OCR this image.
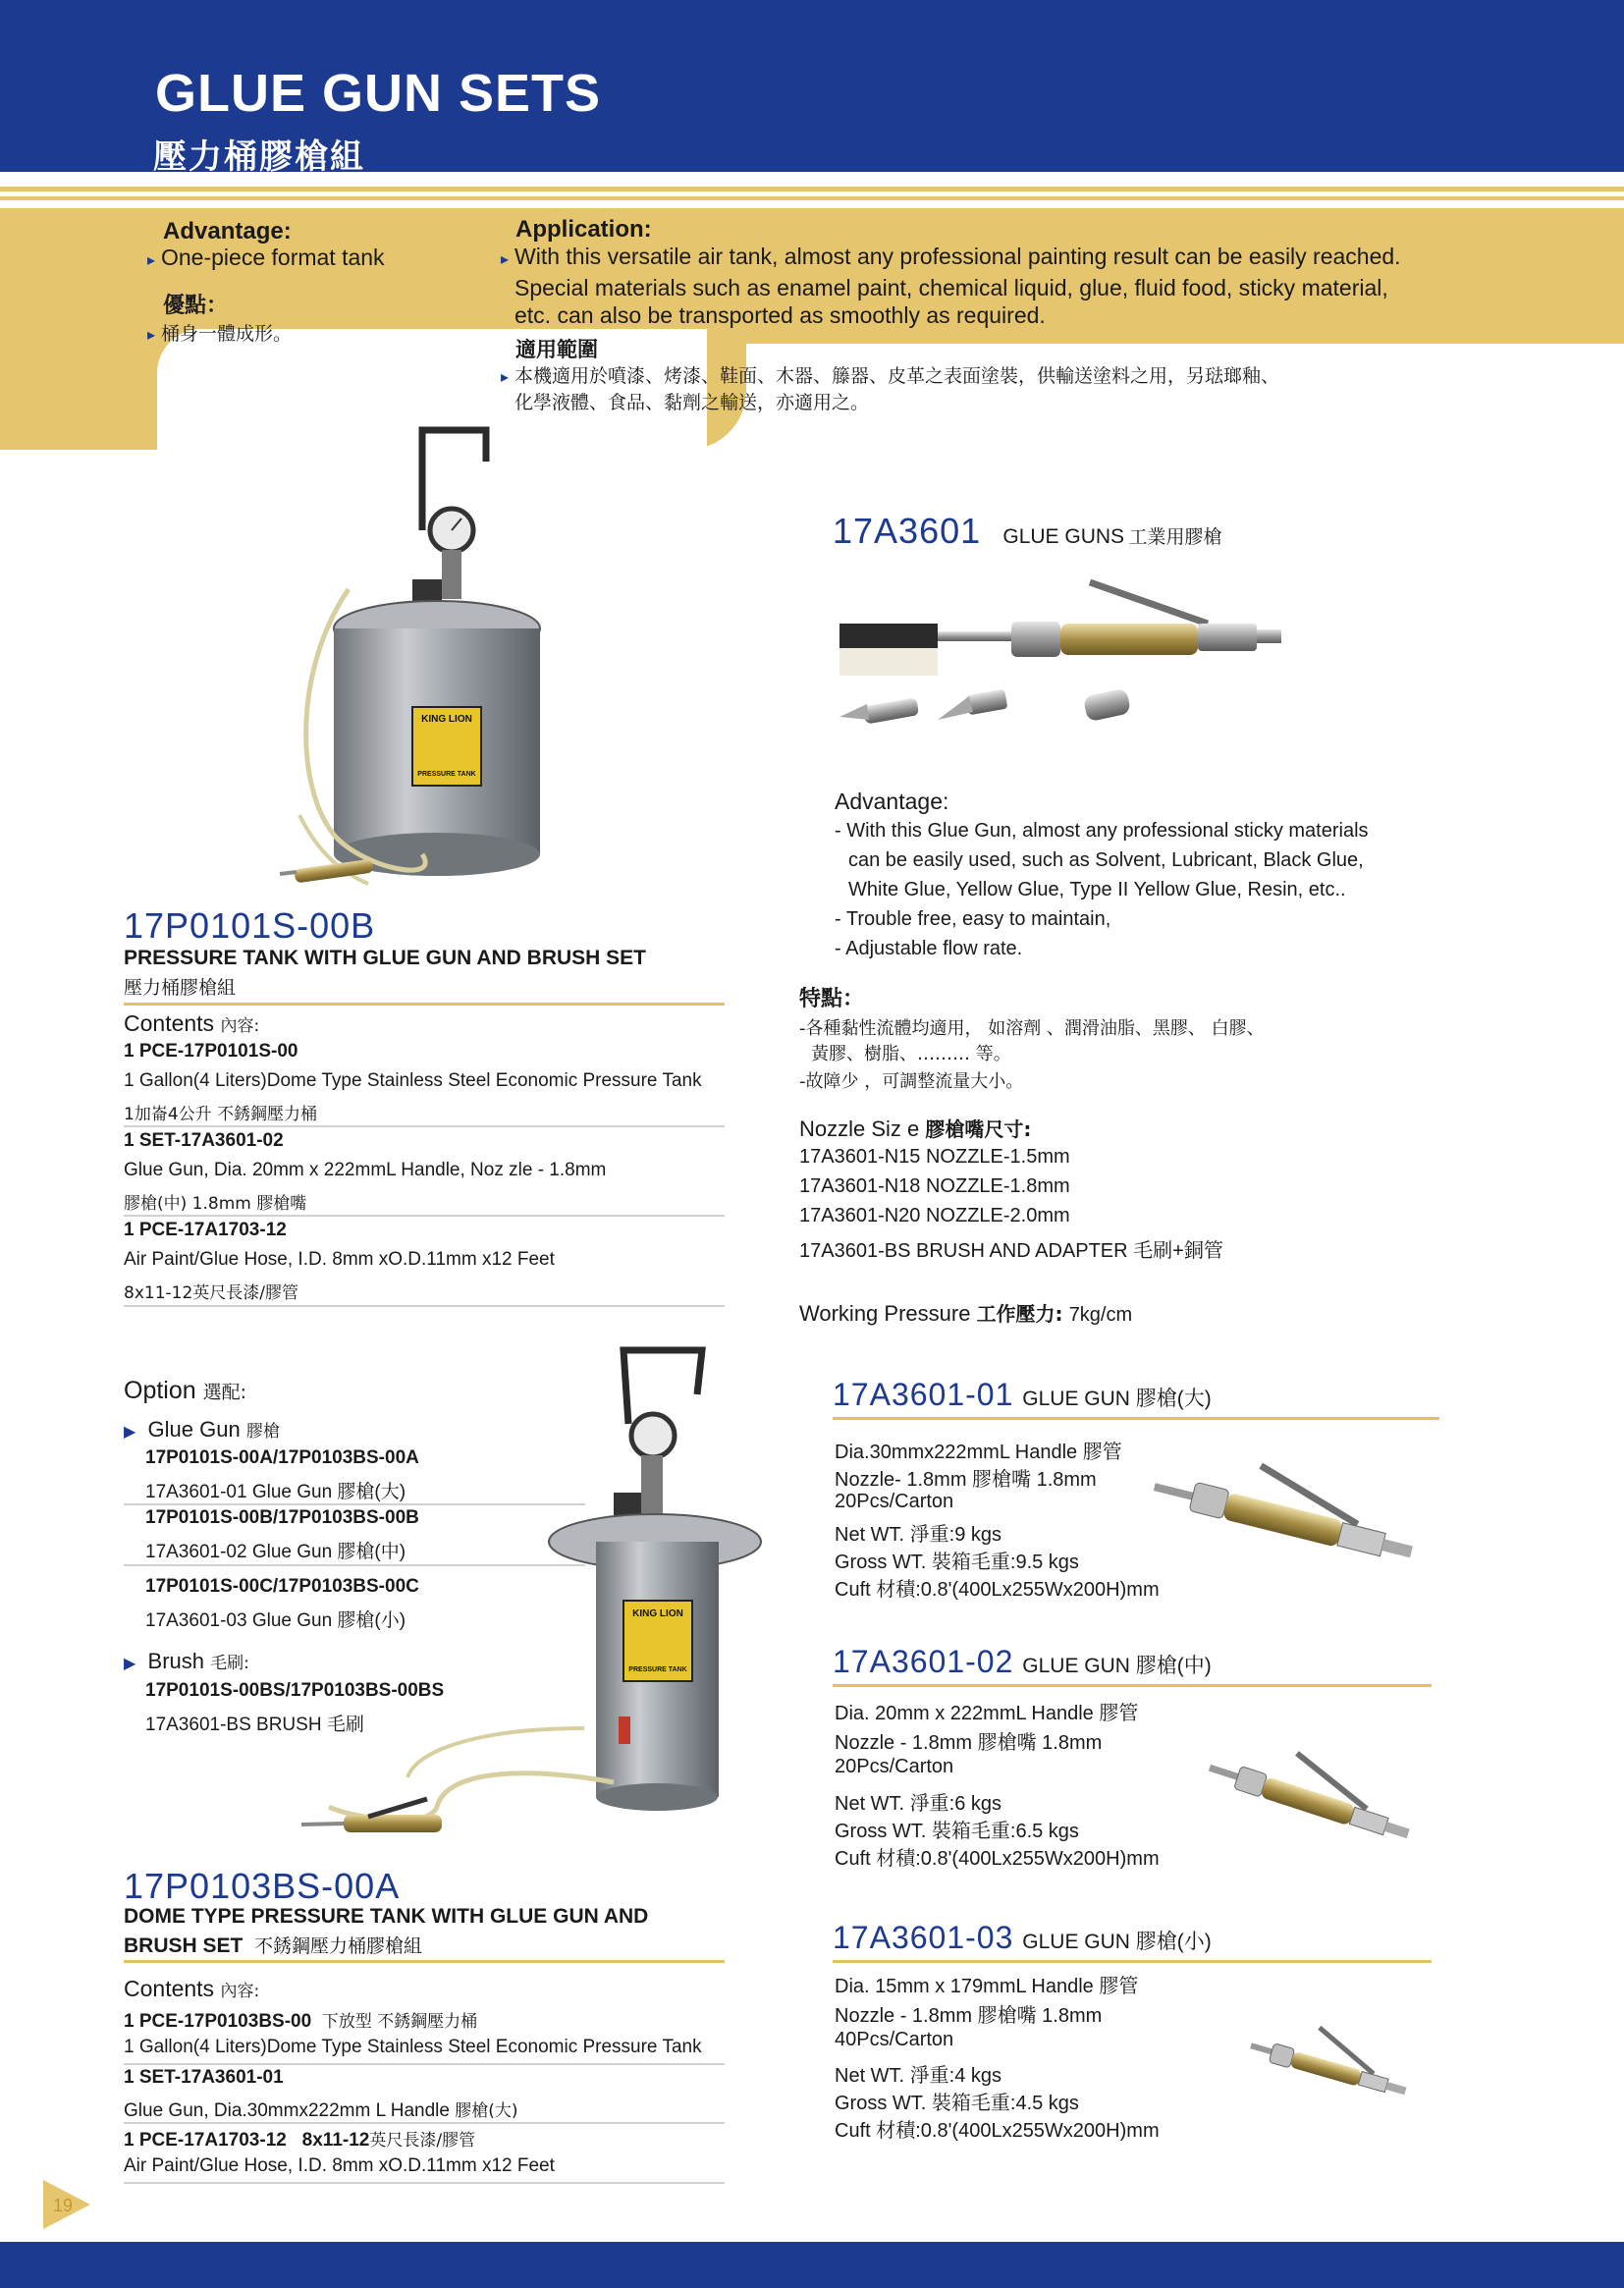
GLUE GUN SETS
壓力桶膠槍組
Advantage:
▸ One-piece format tank
優點：
▸ 桶身一體成形。
Application:
▸ With this versatile air tank, almost any professional painting result can be easily reached.

Special materials such as enamel paint, chemical liquid, glue, fluid food, sticky material,
etc. can also be transported as smoothly as required.
適用範圍
▸ 本機適用於噴漆、烤漆、鞋面、木器、籐器、皮革之表面塗裝，供輸送塗料之用，另琺瑯釉、

化學液體、食品、黏劑之輸送，亦適用之。
KING LION
PRESSURE TANK
17P0101S-00B
PRESSURE TANK WITH GLUE GUN AND BRUSH SET
壓力桶膠槍組
Contents 內容:
1 PCE-17P0101S-00
1 Gallon(4 Liters)Dome Type Stainless Steel Economic Pressure Tank
1加崙4公升 不銹鋼壓力桶
1 SET-17A3601-02
Glue Gun, Dia. 20mm x 222mmL Handle, Noz zle - 1.8mm
膠槍(中) 1.8mm 膠槍嘴
1 PCE-17A1703-12
Air Paint/Glue Hose, I.D. 8mm xO.D.11mm x12 Feet
8x11-12英尺長漆/膠管
Option 選配:
▶ Glue Gun 膠槍
17P0101S-00A/17P0103BS-00A
17A3601-01 Glue Gun 膠槍(大)
17P0101S-00B/17P0103BS-00B
17A3601-02 Glue Gun 膠槍(中)
17P0101S-00C/17P0103BS-00C
17A3601-03 Glue Gun 膠槍(小)
▶ Brush 毛刷:
17P0101S-00BS/17P0103BS-00BS
17A3601-BS BRUSH 毛刷
KING LION
PRESSURE TANK
17P0103BS-00A
DOME TYPE PRESSURE TANK WITH GLUE GUN AND
BRUSH SET 不銹鋼壓力桶膠槍組
Contents 內容:
1 PCE-17P0103BS-00 下放型 不銹鋼壓力桶
1 Gallon(4 Liters)Dome Type Stainless Steel Economic Pressure Tank
1 SET-17A3601-01
Glue Gun, Dia.30mmx222mm L Handle 膠槍(大)
1 PCE-17A1703-12 8x11-12英尺長漆/膠管
Air Paint/Glue Hose, I.D. 8mm xO.D.11mm x12 Feet
17A3601 GLUE GUNS 工業用膠槍
Advantage:
- With this Glue Gun, almost any professional sticky materials
can be easily used, such as Solvent, Lubricant, Black Glue,
White Glue, Yellow Glue, Type II Yellow Glue, Resin, etc..
- Trouble free, easy to maintain,
- Adjustable flow rate.
特點：
-各種黏性流體均適用， 如溶劑 、潤滑油脂、黑膠、 白膠、
黃膠、樹脂、……… 等。
-故障少 ，可調整流量大小。
Nozzle Siz e 膠槍嘴尺寸:
17A3601-N15 NOZZLE-1.5mm
17A3601-N18 NOZZLE-1.8mm
17A3601-N20 NOZZLE-2.0mm
17A3601-BS BRUSH AND ADAPTER 毛刷+銅管
Working Pressure 工作壓力: 7kg/cm
17A3601-01 GLUE GUN 膠槍(大)
Dia.30mmx222mmL Handle 膠管
Nozzle- 1.8mm 膠槍嘴 1.8mm
20Pcs/Carton
Net WT. 淨重:9 kgs
Gross WT. 裝箱毛重:9.5 kgs
Cuft 材積:0.8'(400Lx255Wx200H)mm
17A3601-02 GLUE GUN 膠槍(中)
Dia. 20mm x 222mmL Handle 膠管
Nozzle - 1.8mm 膠槍嘴 1.8mm
20Pcs/Carton
Net WT. 淨重:6 kgs
Gross WT. 裝箱毛重:6.5 kgs
Cuft 材積:0.8'(400Lx255Wx200H)mm
17A3601-03 GLUE GUN 膠槍(小)
Dia. 15mm x 179mmL Handle 膠管
Nozzle - 1.8mm 膠槍嘴 1.8mm
40Pcs/Carton
Net WT. 淨重:4 kgs
Gross WT. 裝箱毛重:4.5 kgs
Cuft 材積:0.8'(400Lx255Wx200H)mm
19
